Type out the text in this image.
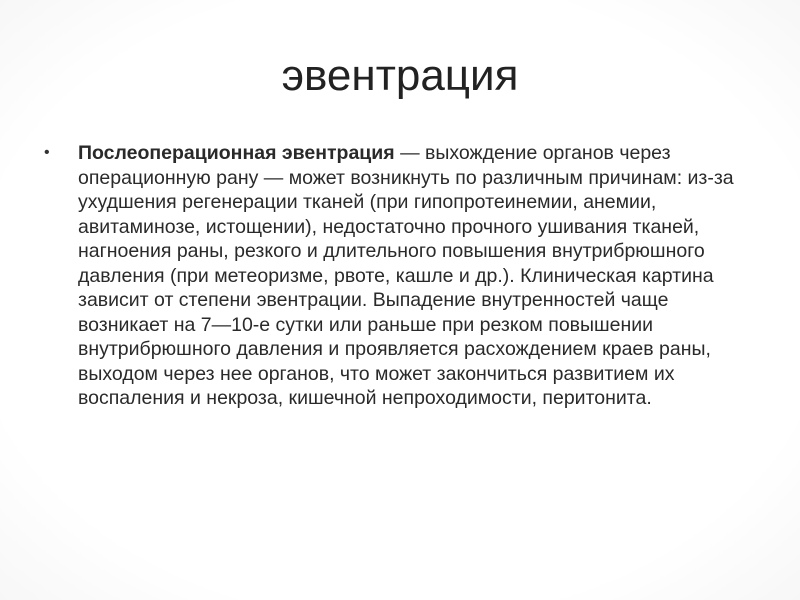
эвентрация
• Послеоперационная эвентрация — выхождение органов через операционную рану — может возникнуть по различным причинам: из-за ухудшения регенерации тканей (при гипопротеинемии, анемии, авитаминозе, истощении), недостаточно прочного ушивания тканей, нагноения раны, резкого и длительного повышения внутрибрюшного давления (при метеоризме, рвоте, кашле и др.). Клиническая картина зависит от степени эвентрации. Выпадение внутренностей чаще возникает на 7—10-е сутки или раньше при резком повышении внутрибрюшного давления и проявляется расхождением краев раны, выходом через нее органов, что может закончиться развитием их воспаления и некроза, кишечной непроходимости, перитонита.
